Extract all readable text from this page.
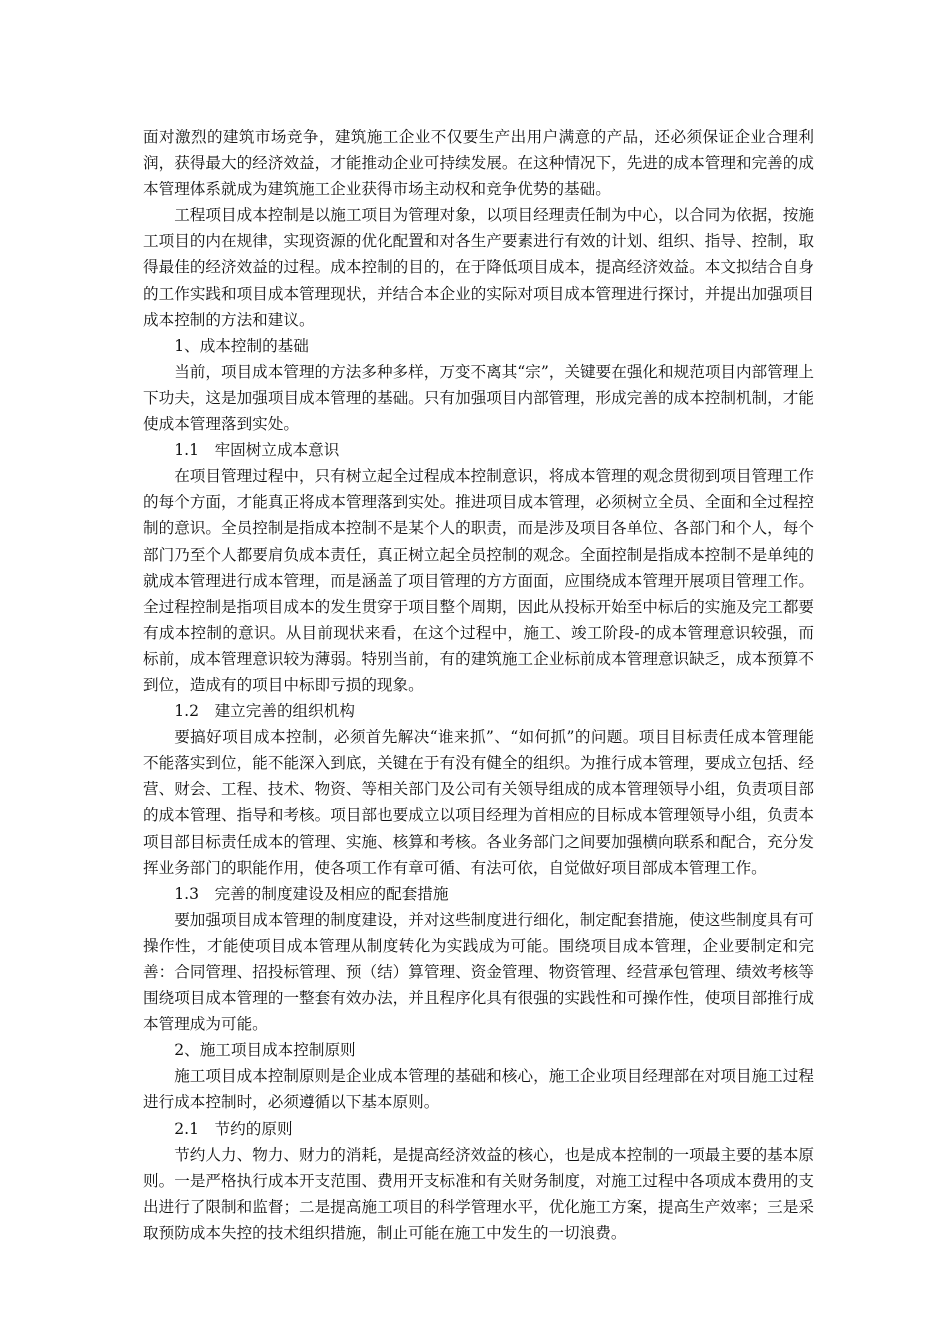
面对激烈的建筑市场竞争，建筑施工企业不仅要生产出用户满意的产品，还必须保证企业合理利润，获得最大的经济效益，才能推动企业可持续发展。在这种情况下，先进的成本管理和完善的成本管理体系就成为建筑施工企业获得市场主动权和竞争优势的基础。

工程项目成本控制是以施工项目为管理对象，以项目经理责任制为中心，以合同为依据，按施工项目的内在规律，实现资源的优化配置和对各生产要素进行有效的计划、组织、指导、控制，取得最佳的经济效益的过程。成本控制的目的，在于降低项目成本，提高经济效益。本文拟结合自身的工作实践和项目成本管理现状，并结合本企业的实际对项目成本管理进行探讨，并提出加强项目成本控制的方法和建议。

1、成本控制的基础

当前，项目成本管理的方法多种多样，万变不离其“宗”，关键要在强化和规范项目内部管理上下功夫，这是加强项目成本管理的基础。只有加强项目内部管理，形成完善的成本控制机制，才能使成本管理落到实处。

1.1　牢固树立成本意识

在项目管理过程中，只有树立起全过程成本控制意识，将成本管理的观念贯彻到项目管理工作的每个方面，才能真正将成本管理落到实处。推进项目成本管理，必须树立全员、全面和全过程控制的意识。全员控制是指成本控制不是某个人的职责，而是涉及项目各单位、各部门和个人，每个部门乃至个人都要肩负成本责任，真正树立起全员控制的观念。全面控制是指成本控制不是单纯的就成本管理进行成本管理，而是涵盖了项目管理的方方面面，应围绕成本管理开展项目管理工作。全过程控制是指项目成本的发生贯穿于项目整个周期，因此从投标开始至中标后的实施及完工都要有成本控制的意识。从目前现状来看，在这个过程中，施工、竣工阶段-的成本管理意识较强，而标前，成本管理意识较为薄弱。特别当前，有的建筑施工企业标前成本管理意识缺乏，成本预算不到位，造成有的项目中标即亏损的现象。

1.2　建立完善的组织机构

要搞好项目成本控制，必须首先解决“谁来抓”、“如何抓”的问题。项目目标责任成本管理能不能落实到位，能不能深入到底，关键在于有没有健全的组织。为推行成本管理，要成立包括、经营、财会、工程、技术、物资、等相关部门及公司有关领导组成的成本管理领导小组，负责项目部的成本管理、指导和考核。项目部也要成立以项目经理为首相应的目标成本管理领导小组，负责本项目部目标责任成本的管理、实施、核算和考核。各业务部门之间要加强横向联系和配合，充分发挥业务部门的职能作用，使各项工作有章可循、有法可依，自觉做好项目部成本管理工作。

1.3　完善的制度建设及相应的配套措施

要加强项目成本管理的制度建设，并对这些制度进行细化，制定配套措施，使这些制度具有可操作性，才能使项目成本管理从制度转化为实践成为可能。围绕项目成本管理，企业要制定和完善：合同管理、招投标管理、预（结）算管理、资金管理、物资管理、经营承包管理、绩效考核等围绕项目成本管理的一整套有效办法，并且程序化具有很强的实践性和可操作性，使项目部推行成本管理成为可能。

2、施工项目成本控制原则

施工项目成本控制原则是企业成本管理的基础和核心，施工企业项目经理部在对项目施工过程进行成本控制时，必须遵循以下基本原则。

2.1　节约的原则

节约人力、物力、财力的消耗，是提高经济效益的核心，也是成本控制的一项最主要的基本原则。一是严格执行成本开支范围、费用开支标准和有关财务制度，对施工过程中各项成本费用的支出进行了限制和监督；二是提高施工项目的科学管理水平，优化施工方案，提高生产效率；三是采取预防成本失控的技术组织措施，制止可能在施工中发生的一切浪费。
